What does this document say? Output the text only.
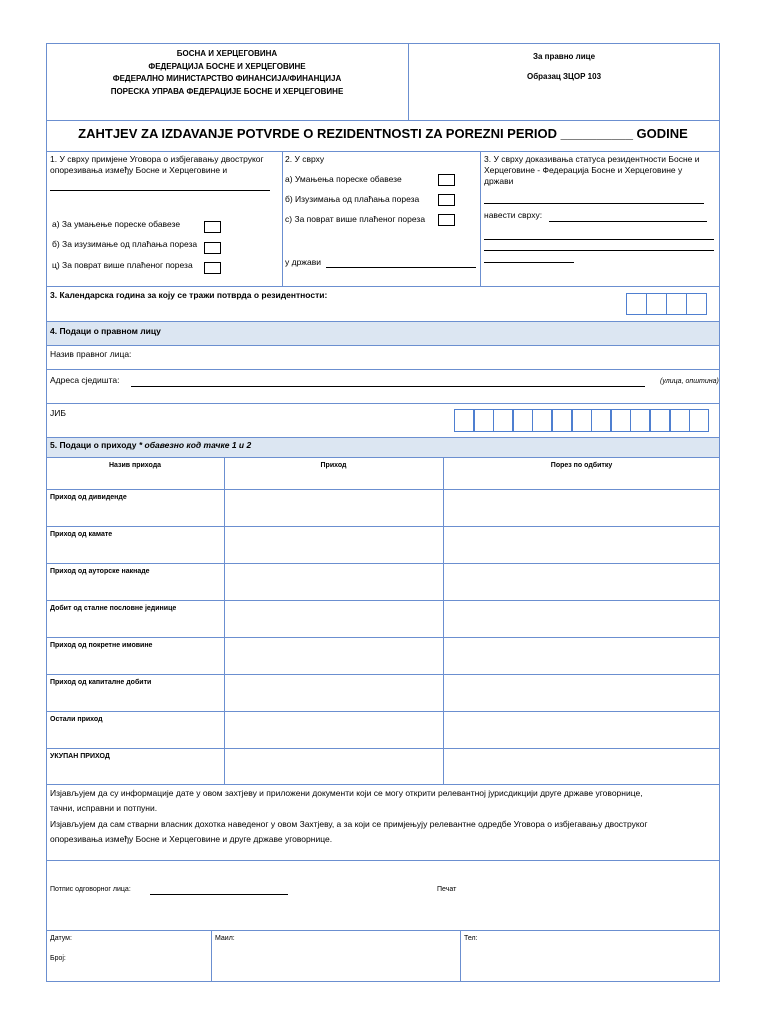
БОСНА И ХЕРЦЕГОВИНА
ФЕДЕРАЦИЈА БОСНЕ И ХЕРЦЕГОВИНЕ
ФЕДЕРАЛНО МИНИСТАРСТВО ФИНАНСИЈА/ФИНАНЦИЈА
ПОРЕСКА УПРАВА ФЕДЕРАЦИЈЕ БОСНЕ И ХЕРЦЕГОВИНЕ
За правно лице
Образац ЗЦОР 103
ZAHTJEV ZA IZDAVANJE POTVRDE O REZIDENTNOSTI ZA POREZNI PERIOD __________ GODINE
1. У сврху примјене Уговора о избјегавању двоструког
опорезивања између Босне и Херцеговине и
а) За умањење пореске обавезе
б) За изузимање од плаћања пореза
ц) За поврат више плаћеног пореза
2. У сврху
а) Умањења пореске обавезе
б) Изузимања од плаћања пореза
c) За поврат више плаћеног пореза
у држави
3. У сврху доказивања статуса резидентности Босне и
Херцеговине - Федерација Босне и Херцеговине у
држави
навести сврху:
3. Календарска година за коју се тражи потврда о резидентности:
4. Подаци о правном лицу
Назив правног лица:
Адреса сједишта:	(улица, општина)
ЈИБ
5. Подаци о приходу * обавезно код тачке 1 и 2
Назив прихода	Приход	Порез по одбитку
Приход од дивиденде
Приход од камате
Приход од ауторске накнаде
Добит од сталне пословне јединице
Приход од покретне имовине
Приход од капиталне добити
Остали приход
УКУПАН ПРИХОД
Изјављујем да су информације дате у овом захтјеву и приложени документи који се могу открити релевантној јурисдикцији друге државе уговорнице,
тачни, исправни и потпуни.
Изјављујем да сам стварни власник дохотка наведеног у овом Захтјеву, а за који се примјењују релевантне одредбе Уговора о избјегавању двоструког
опорезивања између Босне и Херцеговине и друге државе уговорнице.
Потпис одговорног лица:	Печат
Датум:
Број:
Маил:	Тел:
